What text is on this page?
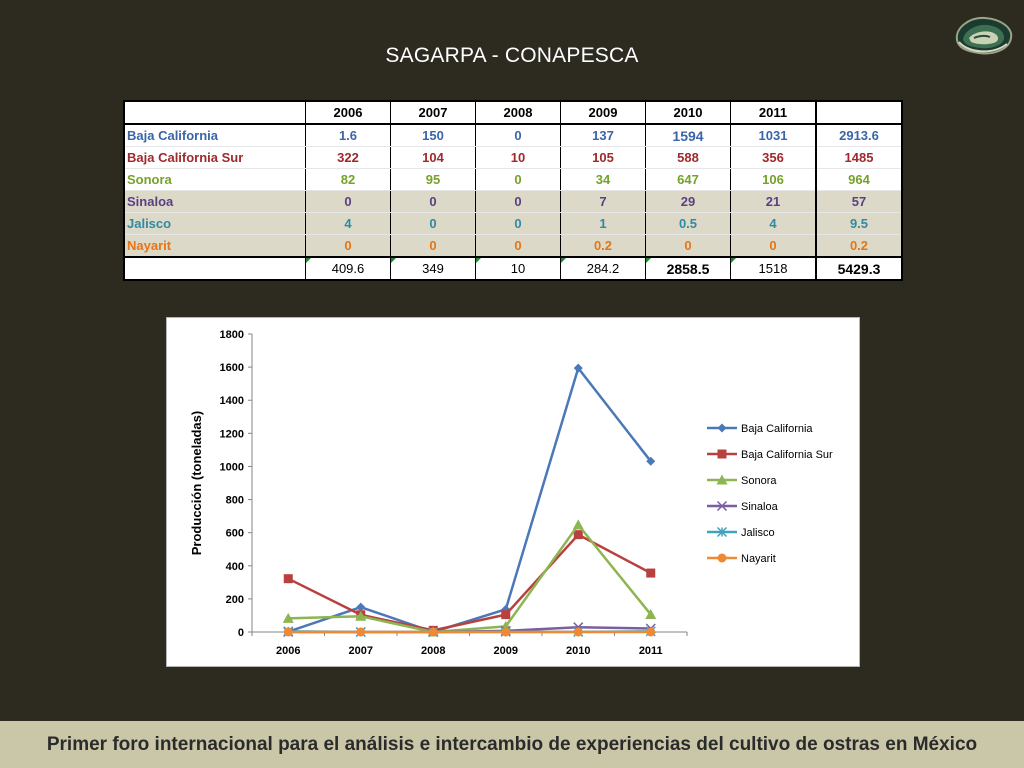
SAGARPA - CONAPESCA
	2006	2007	2008	2009	2010	2011	
Baja California	1.6	150	0	137	1594	1031	2913.6
Baja California Sur	322	104	10	105	588	356	1485
Sonora	82	95	0	34	647	106	964
Sinaloa	0	0	0	7	29	21	57
Jalisco	4	0	0	1	0.5	4	9.5
Nayarit	0	0	0	0.2	0	0	0.2
	409.6	349	10	284.2	2858.5	1518	5429.3
0
200
400
600
800
1000
1200
1400
1600
1800
2006	2007	2008	2009	2010	2011
Producción (toneladas)	Baja California
Baja California Sur
Sonora
Sinaloa
Jalisco
Nayarit
Primer foro internacional para el análisis e intercambio de experiencias del cultivo de ostras en México
